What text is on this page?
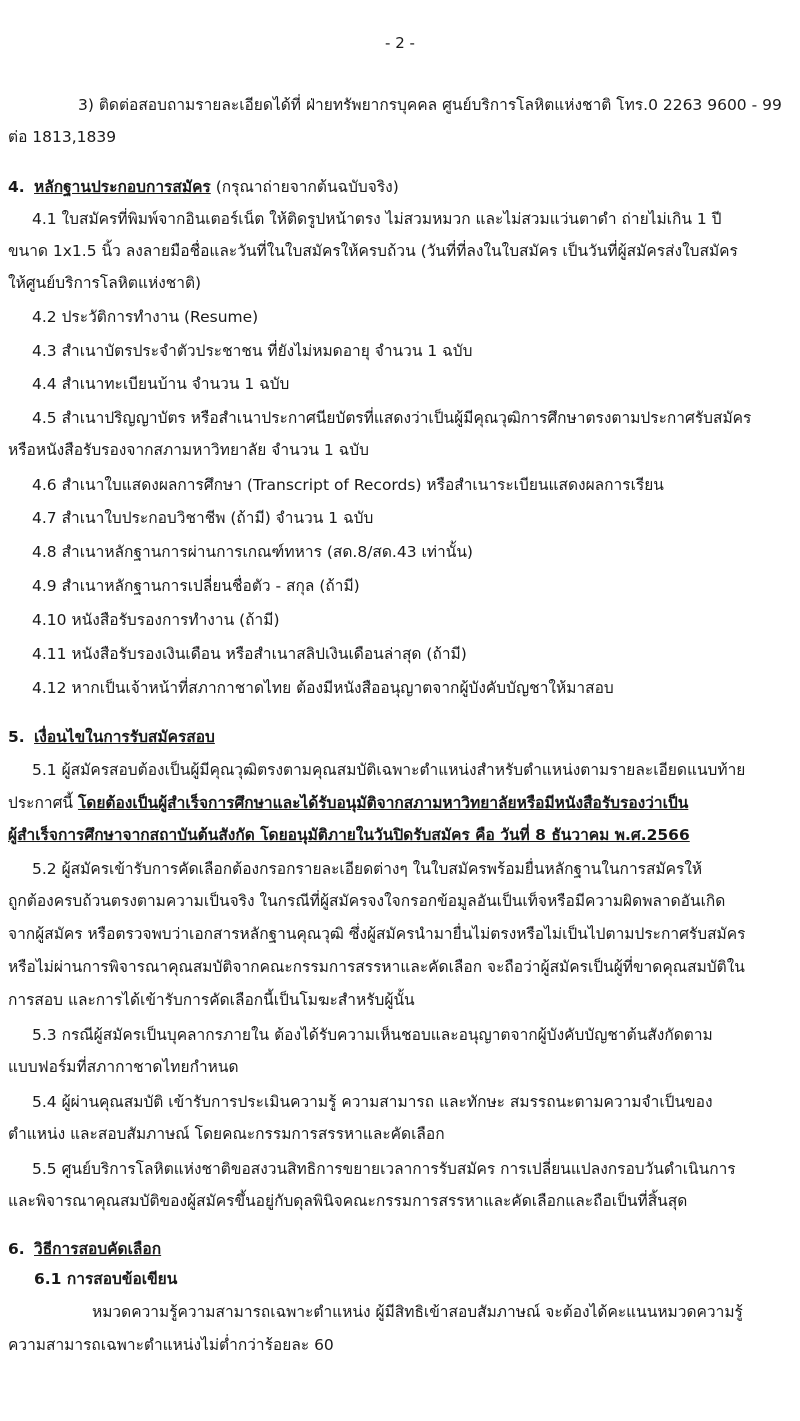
- 2 -
3) ติดต่อสอบถามรายละเอียดได้ที่ ฝ่ายทรัพยากรบุคคล ศูนย์บริการโลหิตแห่งชาติ โทร.0 2263 9600 - 99
ต่อ 1813,1839
4. หลักฐานประกอบการสมัคร (กรุณาถ่ายจากต้นฉบับจริง)
4.1 ใบสมัครที่พิมพ์จากอินเตอร์เน็ต ให้ติดรูปหน้าตรง ไม่สวมหมวก และไม่สวมแว่นตาดำ ถ่ายไม่เกิน 1 ปี
ขนาด 1x1.5 นิ้ว ลงลายมือชื่อและวันที่ในใบสมัครให้ครบถ้วน (วันที่ที่ลงในใบสมัคร เป็นวันที่ผู้สมัครส่งใบสมัคร
ให้ศูนย์บริการโลหิตแห่งชาติ)
4.2 ประวัติการทำงาน (Resume)
4.3 สำเนาบัตรประจำตัวประชาชน ที่ยังไม่หมดอายุ จำนวน 1 ฉบับ
4.4 สำเนาทะเบียนบ้าน จำนวน 1 ฉบับ
4.5 สำเนาปริญญาบัตร หรือสำเนาประกาศนียบัตรที่แสดงว่าเป็นผู้มีคุณวุฒิการศึกษาตรงตามประกาศรับสมัคร
หรือหนังสือรับรองจากสภามหาวิทยาลัย จำนวน 1 ฉบับ
4.6 สำเนาใบแสดงผลการศึกษา (Transcript of Records) หรือสำเนาระเบียนแสดงผลการเรียน
4.7 สำเนาใบประกอบวิชาชีพ (ถ้ามี) จำนวน 1 ฉบับ
4.8 สำเนาหลักฐานการผ่านการเกณฑ์ทหาร (สด.8/สด.43 เท่านั้น)
4.9 สำเนาหลักฐานการเปลี่ยนชื่อตัว - สกุล (ถ้ามี)
4.10 หนังสือรับรองการทำงาน (ถ้ามี)
4.11 หนังสือรับรองเงินเดือน หรือสำเนาสลิปเงินเดือนล่าสุด (ถ้ามี)
4.12 หากเป็นเจ้าหน้าที่สภากาชาดไทย ต้องมีหนังสืออนุญาตจากผู้บังคับบัญชาให้มาสอบ
5. เงื่อนไขในการรับสมัครสอบ
5.1 ผู้สมัครสอบต้องเป็นผู้มีคุณวุฒิตรงตามคุณสมบัติเฉพาะตำแหน่งสำหรับตำแหน่งตามรายละเอียดแนบท้าย
ประกาศนี้ โดยต้องเป็นผู้สำเร็จการศึกษาและได้รับอนุมัติจากสภามหาวิทยาลัยหรือมีหนังสือรับรองว่าเป็น
ผู้สำเร็จการศึกษาจากสถาบันต้นสังกัด โดยอนุมัติภายในวันปิดรับสมัคร คือ วันที่ 8 ธันวาคม พ.ศ.2566
5.2 ผู้สมัครเข้ารับการคัดเลือกต้องกรอกรายละเอียดต่างๆ ในใบสมัครพร้อมยื่นหลักฐานในการสมัครให้
ถูกต้องครบถ้วนตรงตามความเป็นจริง ในกรณีที่ผู้สมัครจงใจกรอกข้อมูลอันเป็นเท็จหรือมีความผิดพลาดอันเกิด
จากผู้สมัคร หรือตรวจพบว่าเอกสารหลักฐานคุณวุฒิ ซึ่งผู้สมัครนำมายื่นไม่ตรงหรือไม่เป็นไปตามประกาศรับสมัคร
หรือไม่ผ่านการพิจารณาคุณสมบัติจากคณะกรรมการสรรหาและคัดเลือก จะถือว่าผู้สมัครเป็นผู้ที่ขาดคุณสมบัติใน
การสอบ และการได้เข้ารับการคัดเลือกนี้เป็นโมฆะสำหรับผู้นั้น
5.3 กรณีผู้สมัครเป็นบุคลากรภายใน ต้องได้รับความเห็นชอบและอนุญาตจากผู้บังคับบัญชาต้นสังกัดตาม
แบบฟอร์มที่สภากาชาดไทยกำหนด
5.4 ผู้ผ่านคุณสมบัติ เข้ารับการประเมินความรู้ ความสามารถ และทักษะ สมรรถนะตามความจำเป็นของ
ตำแหน่ง และสอบสัมภาษณ์ โดยคณะกรรมการสรรหาและคัดเลือก
5.5 ศูนย์บริการโลหิตแห่งชาติขอสงวนสิทธิการขยายเวลาการรับสมัคร การเปลี่ยนแปลงกรอบวันดำเนินการ
และพิจารณาคุณสมบัติของผู้สมัครขึ้นอยู่กับดุลพินิจคณะกรรมการสรรหาและคัดเลือกและถือเป็นที่สิ้นสุด
6. วิธีการสอบคัดเลือก
6.1 การสอบข้อเขียน
หมวดความรู้ความสามารถเฉพาะตำแหน่ง ผู้มีสิทธิเข้าสอบสัมภาษณ์ จะต้องได้คะแนนหมวดความรู้
ความสามารถเฉพาะตำแหน่งไม่ต่ำกว่าร้อยละ 60
